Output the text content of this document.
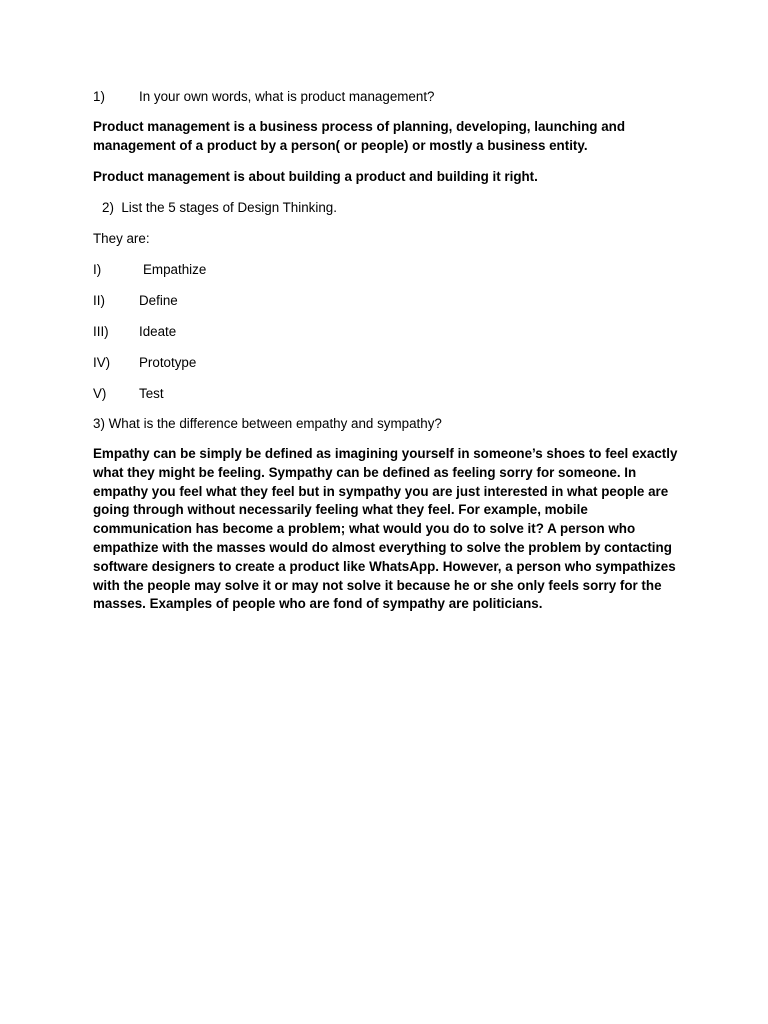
1)	In your own words, what is product management?

Product management is a business process of planning, developing, launching and management of a product by a person( or people) or mostly a business entity.

Product management is about building a product and building it right.

2)  List the 5 stages of Design Thinking.

They are:

I)	Empathize
II)	Define
III)	Ideate
IV)	Prototype
V)	Test

3) What is the difference between empathy and sympathy?

Empathy can be simply be defined as imagining yourself in someone’s shoes to feel exactly what they might be feeling. Sympathy can be defined as feeling sorry for someone. In empathy you feel what they feel but in sympathy you are just interested in what people are going through without necessarily feeling what they feel. For example, mobile communication has become a problem; what would you do to solve it? A person who empathize with the masses would do almost everything to solve the problem by contacting software designers to create a product like WhatsApp. However, a person who sympathizes with the people may solve it or may not solve it because he or she only feels sorry for the masses. Examples of people who are fond of sympathy are politicians.
